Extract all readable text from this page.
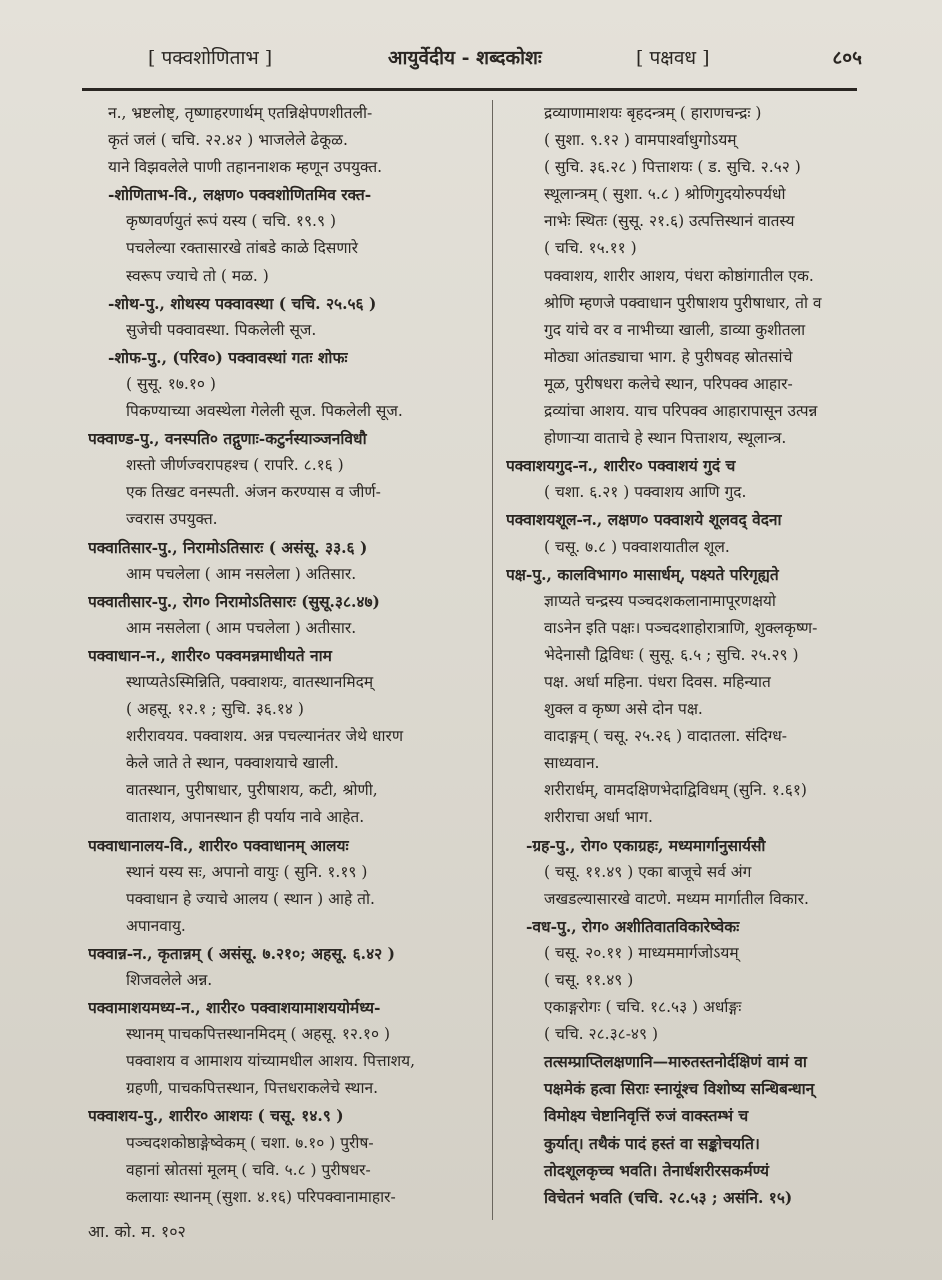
[ पक्‍वशोणिताभ ]	आयुर्वेदीय - शब्दकोशः	[ पक्षवध ]	८०५
न., भ्रष्टलोष्ट्‌, तृष्णाहरणार्थम् एतन्निक्षेपणशीतली-
कृतं जलं ( चचि. २२.४२ ) भाजलेले ढेकूळ.
याने विझवलेले पाणी तहाननाशक म्हणून उपयुक्त.
-शोणिताभ-वि., लक्षण० पक्वशोणितमिव रक्त-
कृष्णवर्णयुतं रूपं यस्य ( चचि. १९.९ )
पचलेल्या रक्तासारखे तांबडे काळे दिसणारे
स्वरूप ज्याचे तो ( मळ. )
-शोथ-पु., शोथस्य पक्वावस्था ( चचि. २५.५६ )
सुजेची पक्वावस्था. पिकलेली सूज.
-शोफ-पु., (परिव०) पक्वावस्थां गतः शोफः
( सुसू. १७.१० )
पिकण्याच्या अवस्थेला गेलेली सूज. पिकलेली सूज.
पक्वाण्ड-पु., वनस्पति० तद्गुणाः-कटुर्नस्याञ्जनविधौ
शस्तो जीर्णज्वरापहश्च ( रापरि. ८.१६ )
एक तिखट वनस्पती. अंजन करण्यास व जीर्ण-
ज्वरास उपयुक्त.
पक्वातिसार-पु., निरामोऽतिसारः ( असंसू. ३३.६ )
आम पचलेला ( आम नसलेला ) अतिसार.
पक्वातीसार-पु., रोग० निरामोऽतिसारः (सुसू.३८.४७)
आम नसलेला ( आम पचलेला ) अतीसार.
पक्वाधान-न., शारीर० पक्वमन्नमाधीयते नाम
स्थाप्यतेऽस्मिन्निति, पक्वाशयः, वातस्थानमिदम्
( अहसू. १२.१ ; सुचि. ३६.१४ )
शरीरावयव. पक्वाशय. अन्न पचल्यानंतर जेथे धारण
केले जाते ते स्थान, पक्वाशयाचे खाली.
वातस्थान, पुरीषाधार, पुरीषाशय, कटी, श्रोणी,
वाताशय, अपानस्थान ही पर्याय नावे आहेत.
पक्वाधानालय-वि., शारीर० पक्वाधानम् आलयः
स्थानं यस्य सः, अपानो वायुः ( सुनि. १.१९ )
पक्वाधान हे ज्याचे आलय ( स्थान ) आहे तो.
अपानवायु.
पक्वान्न-न., कृतान्नम् ( असंसू. ७.२१०; अहसू. ६.४२ )
शिजवलेले अन्न.
पक्वामाशयमध्य-न., शारीर० पक्वाशयामाशययोर्मध्य-
स्थानम् पाचकपित्तस्थानमिदम् ( अहसू. १२.१० )
पक्वाशय व आमाशय यांच्यामधील आशय. पित्ताशय,
ग्रहणी, पाचकपित्तस्थान, पित्तधराकलेचे स्थान.
पक्वाशय-पु., शारीर० आशयः ( चसू. १४.९ )
पञ्चदशकोष्ठाङ्गेष्वेकम् ( चशा. ७.१० ) पुरीष-
वहानां स्रोतसां मूलम् ( चवि. ५.८ ) पुरीषधर-
कलायाः स्थानम् (सुशा. ४.१६) परिपक्वानामाहार-
द्रव्याणामाशयः बृहदन्त्रम् ( हाराणचन्द्रः )
( सुशा. ९.१२ ) वामपार्श्वाधुगोऽयम्
( सुचि. ३६.२८ ) पित्ताशयः ( ड. सुचि. २.५२ )
स्थूलान्त्रम् ( सुशा. ५.८ ) श्रोणिगुदयोरुपर्यधो
नाभेः स्थितः (सुसू. २१.६) उत्पत्तिस्थानं वातस्य
( चचि. १५.११ )
पक्वाशय, शारीर आशय, पंधरा कोष्ठांगातील एक.
श्रोणि म्हणजे पक्वाधान पुरीषाशय पुरीषाधार, तो व
गुद यांचे वर व नाभीच्या खाली, डाव्या कुशीतला
मोठ्या आंतड्याचा भाग. हे पुरीषवह स्रोतसांचे
मूळ, पुरीषधरा कलेचे स्थान, परिपक्व आहार-
द्रव्यांचा आशय. याच परिपक्व आहारापासून उत्पन्न
होणाऱ्या वाताचे हे स्थान पित्ताशय, स्थूलान्त्र.
पक्वाशयगुद-न., शारीर० पक्वाशयं गुदं च
( चशा. ६.२१ ) पक्वाशय आणि गुद.
पक्वाशयशूल-न., लक्षण० पक्वाशये शूलवद् वेदना
( चसू. ७.८ ) पक्वाशयातील शूल.
पक्ष-पु., कालविभाग० मासार्धम्, पक्ष्यते परिगृह्यते
ज्ञाप्यते चन्द्रस्य पञ्चदशकलानामापूरणक्षयो
वाऽनेन इति पक्षः। पञ्चदशाहोरात्राणि, शुक्लकृष्ण-
भेदेनासौ द्विविधः ( सुसू. ६.५ ; सुचि. २५.२९ )
पक्ष. अर्धा महिना. पंधरा दिवस. महिन्यात
शुक्ल व कृष्ण असे दोन पक्ष.
वादाङ्गम् ( चसू. २५.२६ ) वादातला. संदिग्ध-
साध्यवान.
शरीरार्धम्, वामदक्षिणभेदाद्विविधम् (सुनि. १.६१)
शरीराचा अर्धा भाग.
-ग्रह-पु., रोग० एकाग्रहः, मध्यमार्गानुसार्यसौ
( चसू. ११.४९ ) एका बाजूचे सर्व अंग
जखडल्यासारखे वाटणे. मध्यम मार्गातील विकार.
-वध-पु., रोग० अशीतिवातविकारेष्वेकः
( चसू. २०.११ ) माध्यममार्गजोऽयम्
( चसू. ११.४९ )
एकाङ्गरोगः ( चचि. १८.५३ ) अर्धाङ्गः
( चचि. २८.३८-४९ )
तत्सम्प्राप्तिलक्षणानि—मारुतस्तनोर्दक्षिणं वामं वा
पक्षमेकं हत्वा सिराः स्नायूंश्च विशोष्य सन्धिबन्धान्
विमोक्ष्य चेष्टानिवृत्तिं रुजं वाक्स्तम्भं च
कुर्यात्। तथैकं पादं हस्तं वा सङ्कोचयति।
तोदशूलकृच्च भवति। तेनार्धशरीरसकर्मण्यं
विचेतनं भवति (चचि. २८.५३ ; असंनि. १५)
आ. को. म. १०२
